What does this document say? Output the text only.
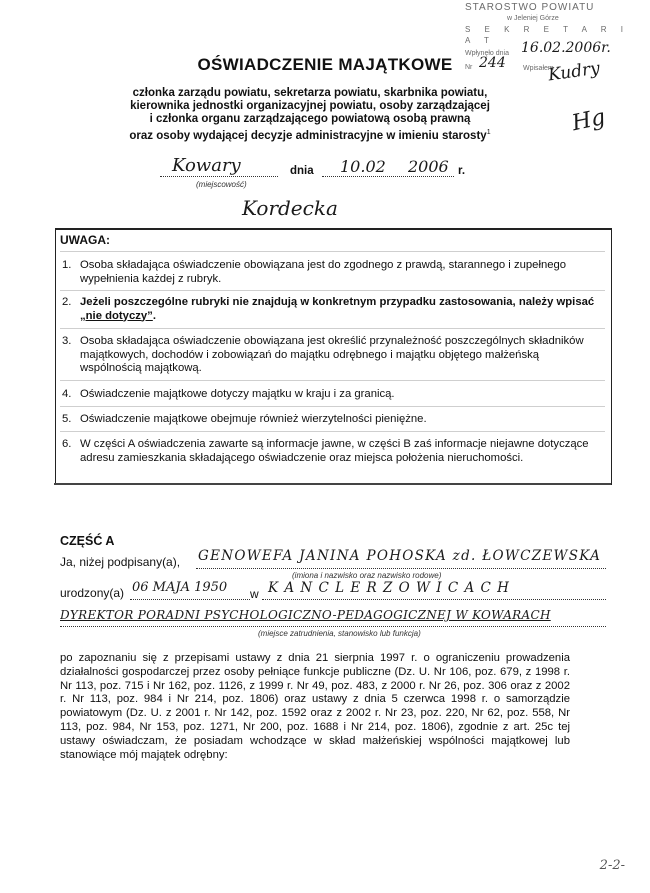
STAROSTWO POWIATU
w Jeleniej Górze
S E K R E T A R I A T
Wpłynęło dnia 16.02.2006r.
Nr 244 Wpisałem
Kudry
Hg
OŚWIADCZENIE MAJĄTKOWE
członka zarządu powiatu, sekretarza powiatu, skarbnika powiatu,
kierownika jednostki organizacyjnej powiatu, osoby zarządzającej
i członka organu zarządzającego powiatową osobą prawną
oraz osoby wydającej decyzje administracyjne w imieniu starosty$^1$
Kowary	dnia 10.02 2006 r.
(miejscowość)
Kordecka
UWAGA:
1. Osoba składająca oświadczenie obowiązana jest do zgodnego z prawdą, starannego i zupełnego wypełnienia każdej z rubryk.
2. Jeżeli poszczególne rubryki nie znajdują w konkretnym przypadku zastosowania, należy wpisać „nie dotyczy”.
3. Osoba składająca oświadczenie obowiązana jest określić przynależność poszczególnych składników majątkowych, dochodów i zobowiązań do majątku odrębnego i majątku objętego małżeńską wspólnością majątkową.
4. Oświadczenie majątkowe dotyczy majątku w kraju i za granicą.
5. Oświadczenie majątkowe obejmuje również wierzytelności pieniężne.
6. W części A oświadczenia zawarte są informacje jawne, w części B zaś informacje niejawne dotyczące adresu zamieszkania składającego oświadczenie oraz miejsca położenia nieruchomości.
CZĘŚĆ A
Ja, niżej podpisany(a), GENOWEFA JANINA POHOSKA zd. ŁOWCZEWSKA
(imiona i nazwisko oraz nazwisko rodowe)
urodzony(a) 06 MAJA 1950 w K A N C L E R Z O W I C A C H
DYREKTOR PORADNI PSYCHOLOGICZNO-PEDAGOGICZNEJ W KOWARACH
(miejsce zatrudnienia, stanowisko lub funkcja)
po zapoznaniu się z przepisami ustawy z dnia 21 sierpnia 1997 r. o ograniczeniu prowadzenia działalności gospodarczej przez osoby pełniące funkcje publiczne (Dz. U. Nr 106, poz. 679, z 1998 r. Nr 113, poz. 715 i Nr 162, poz. 1126, z 1999 r. Nr 49, poz. 483, z 2000 r. Nr 26, poz. 306 oraz z 2002 r. Nr 113, poz. 984 i Nr 214, poz. 1806) oraz ustawy z dnia 5 czerwca 1998 r. o samorządzie powiatowym (Dz. U. z 2001 r. Nr 142, poz. 1592 oraz z 2002 r. Nr 23, poz. 220, Nr 62, poz. 558, Nr 113, poz. 984, Nr 153, poz. 1271, Nr 200, poz. 1688 i Nr 214, poz. 1806), zgodnie z art. 25c tej ustawy oświadczam, że posiadam wchodzące w skład małżeńskiej wspólności majątkowej lub stanowiące mój majątek odrębny:
2-2-
